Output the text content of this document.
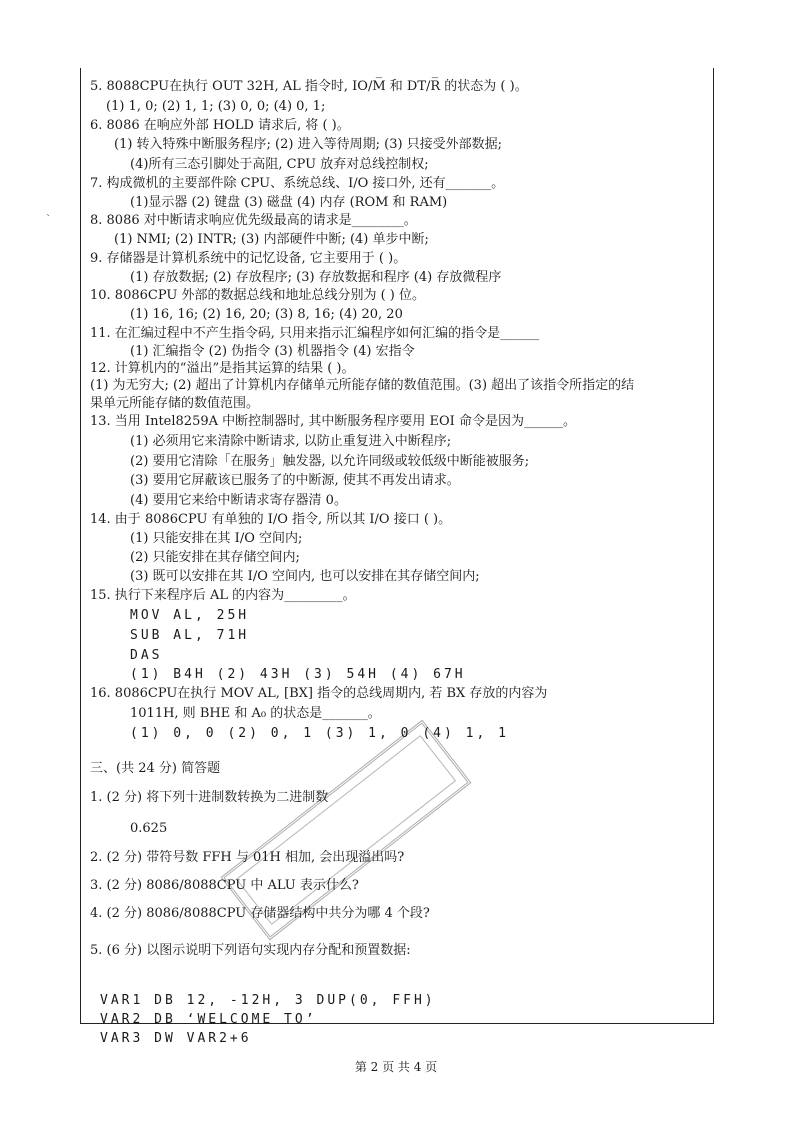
`
5. 8088CPU在执行 OUT 32H, AL 指令时, IO/M̅ 和 DT/R̅ 的状态为 ( )。
(1) 1, 0; (2) 1, 1; (3) 0, 0; (4) 0, 1;
6. 8086 在响应外部 HOLD 请求后, 将 ( )。
(1) 转入特殊中断服务程序; (2) 进入等待周期; (3) 只接受外部数据;
(4)所有三态引脚处于高阻, CPU 放弃对总线控制权;
7. 构成微机的主要部件除 CPU、系统总线、I/O 接口外, 还有_______。
(1)显示器 (2) 键盘 (3) 磁盘 (4) 内存 (ROM 和 RAM)
8. 8086 对中断请求响应优先级最高的请求是________。
(1) NMI; (2) INTR; (3) 内部硬件中断; (4) 单步中断;
9. 存储器是计算机系统中的记忆设备, 它主要用于 ( )。
(1) 存放数据; (2) 存放程序; (3) 存放数据和程序 (4) 存放微程序
10. 8086CPU 外部的数据总线和地址总线分别为 ( ) 位。
(1) 16, 16; (2) 16, 20; (3) 8, 16; (4) 20, 20
11. 在汇编过程中不产生指令码, 只用来指示汇编程序如何汇编的指令是______
(1) 汇编指令 (2) 伪指令 (3) 机器指令 (4) 宏指令
12. 计算机内的“溢出”是指其运算的结果 ( )。
(1) 为无穷大; (2) 超出了计算机内存储单元所能存储的数值范围。(3) 超出了该指令所指定的结
果单元所能存储的数值范围。
13. 当用 Intel8259A 中断控制器时, 其中断服务程序要用 EOI 命令是因为______。
(1) 必须用它来清除中断请求, 以防止重复进入中断程序;
(2) 要用它清除「在服务」触发器, 以允许同级或较低级中断能被服务;
(3) 要用它屏蔽该已服务了的中断源, 使其不再发出请求。
(4) 要用它来给中断请求寄存器清 0。
14. 由于 8086CPU 有单独的 I/O 指令, 所以其 I/O 接口 ( )。
(1) 只能安排在其 I/O 空间内;
(2) 只能安排在其存储空间内;
(3) 既可以安排在其 I/O 空间内, 也可以安排在其存储空间内;
15. 执行下来程序后 AL 的内容为_________。
MOV AL, 25H
SUB AL, 71H
DAS
(1) B4H (2) 43H (3) 54H (4) 67H
16. 8086CPU在执行 MOV AL, [BX] 指令的总线周期内, 若 BX 存放的内容为
1011H, 则 BHE 和 A₀ 的状态是_______。
(1) 0, 0 (2) 0, 1 (3) 1, 0 (4) 1, 1
三、(共 24 分) 简答题
1. (2 分) 将下列十进制数转换为二进制数
0.625
2. (2 分) 带符号数 FFH 与 01H 相加, 会出现溢出吗?
3. (2 分) 8086/8088CPU 中 ALU 表示什么?
4. (2 分) 8086/8088CPU 存储器结构中共分为哪 4 个段?
5. (6 分) 以图示说明下列语句实现内存分配和预置数据:
VAR1 DB 12, -12H, 3 DUP(0, FFH)
VAR2 DB ‘WELCOME TO’
VAR3 DW VAR2+6
第 2 页 共 4 页
